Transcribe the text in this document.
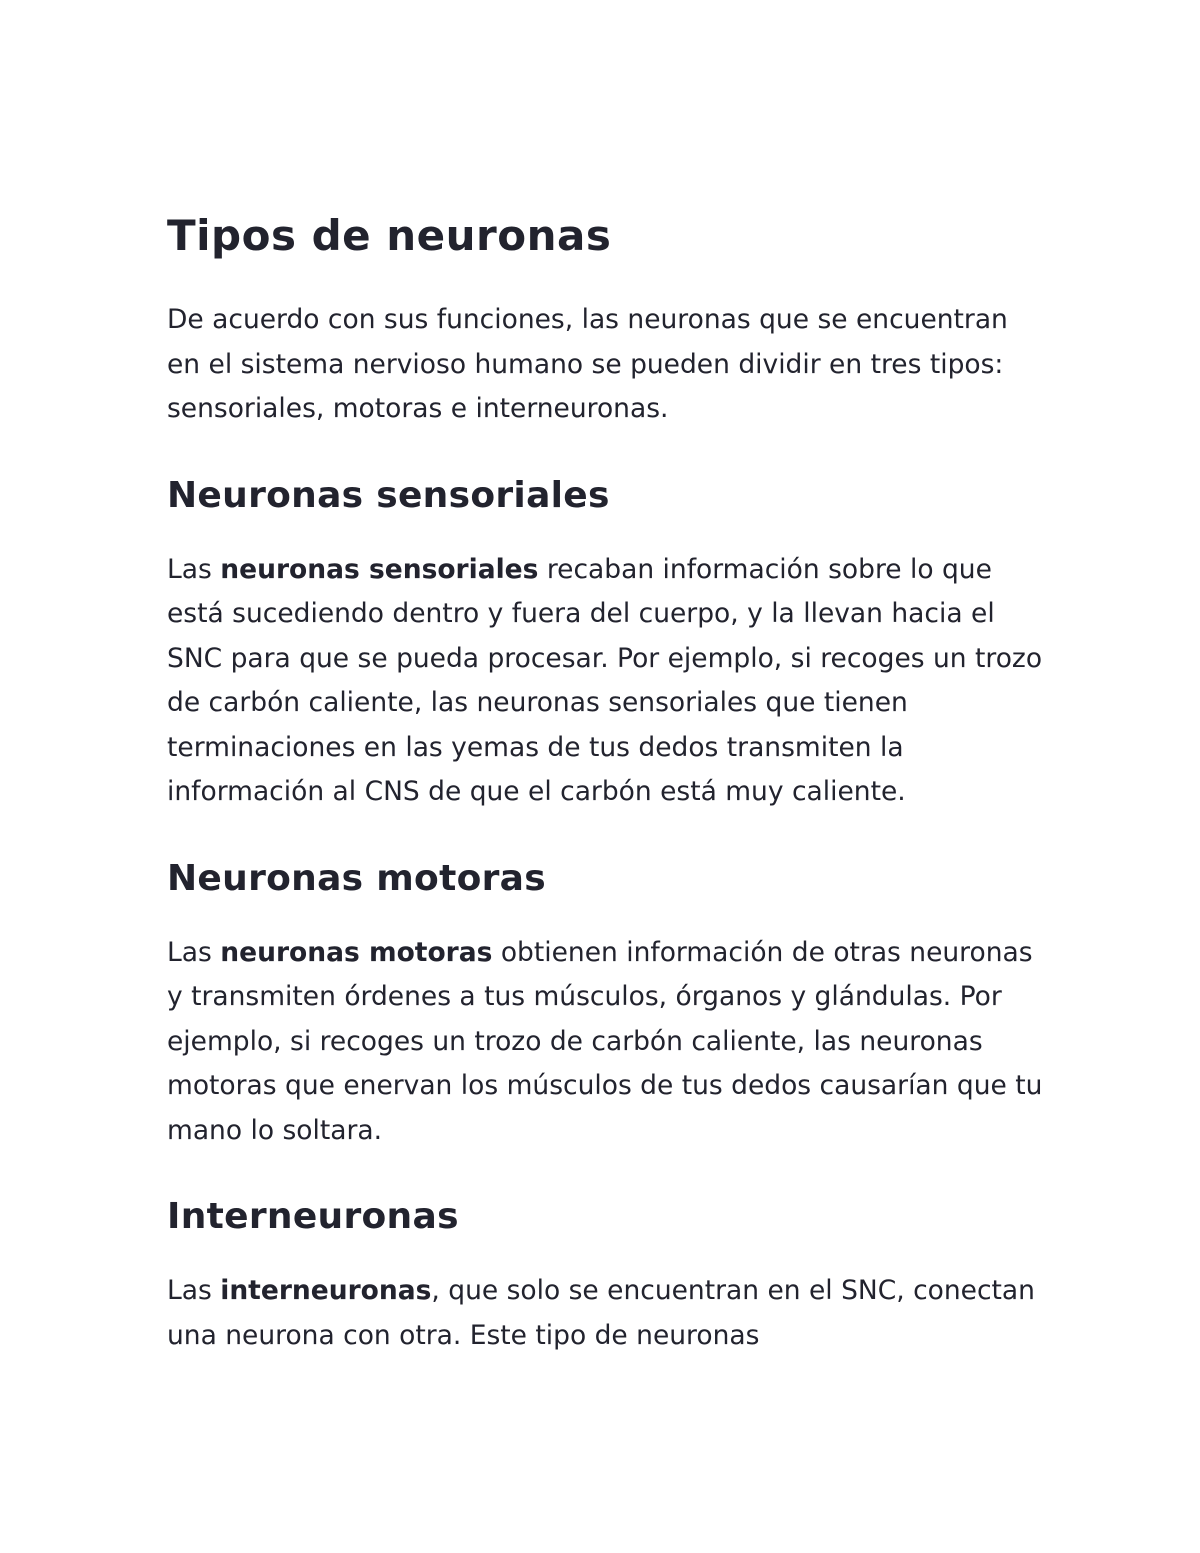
Tipos de neuronas

De acuerdo con sus funciones, las neuronas que se encuentran en el sistema nervioso humano se pueden dividir en tres tipos: sensoriales, motoras e interneuronas.

Neuronas sensoriales

Las neuronas sensoriales recaban información sobre lo que está sucediendo dentro y fuera del cuerpo, y la llevan hacia el SNC para que se pueda procesar. Por ejemplo, si recoges un trozo de carbón caliente, las neuronas sensoriales que tienen terminaciones en las yemas de tus dedos transmiten la información al CNS de que el carbón está muy caliente.

Neuronas motoras

Las neuronas motoras obtienen información de otras neuronas y transmiten órdenes a tus músculos, órganos y glándulas. Por ejemplo, si recoges un trozo de carbón caliente, las neuronas motoras que enervan los músculos de tus dedos causarían que tu mano lo soltara.

Interneuronas

Las interneuronas, que solo se encuentran en el SNC, conectan una neurona con otra. Este tipo de neuronas
